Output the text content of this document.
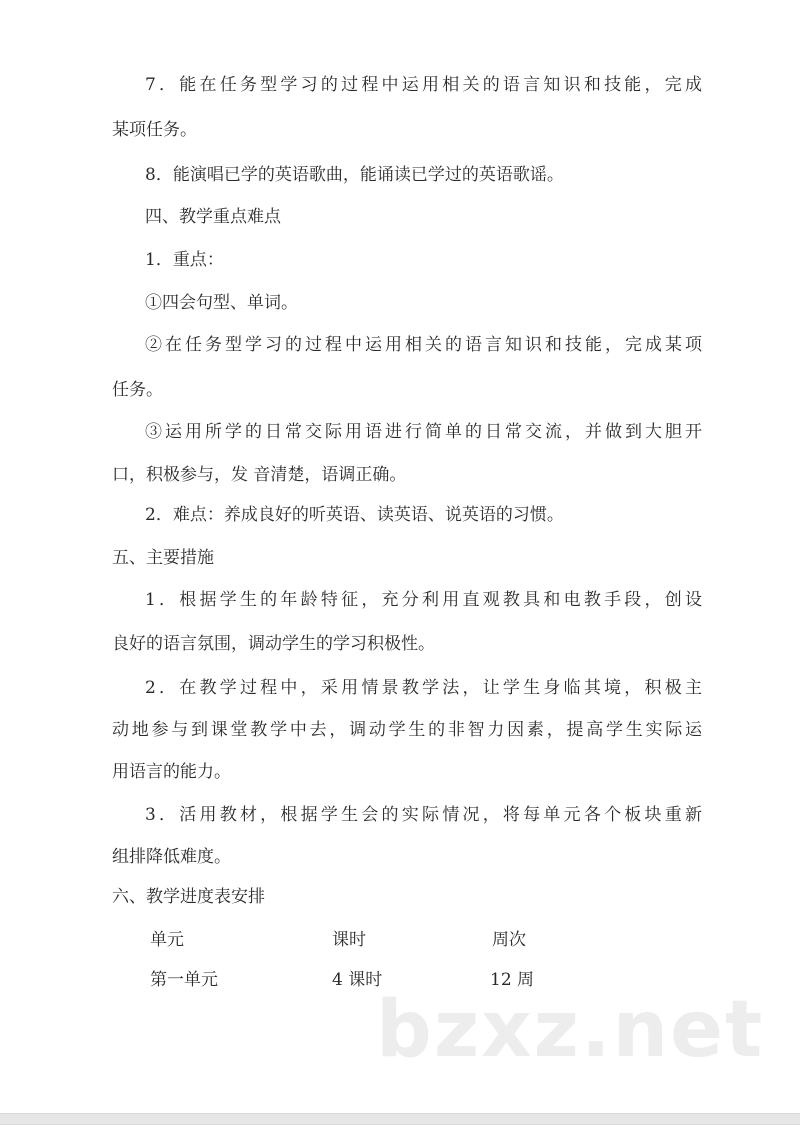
7．能在任务型学习的过程中运用相关的语言知识和技能，完成
某项任务。
8．能演唱已学的英语歌曲，能诵读已学过的英语歌谣。
四、教学重点难点
1．重点：
①四会句型、单词。
②在任务型学习的过程中运用相关的语言知识和技能，完成某项
任务。
③运用所学的日常交际用语进行简单的日常交流，并做到大胆开
口，积极参与，发 音清楚，语调正确。
2．难点：养成良好的听英语、读英语、说英语的习惯。
五、主要措施
1．根据学生的年龄特征，充分利用直观教具和电教手段，创设
良好的语言氛围，调动学生的学习积极性。
2．在教学过程中，采用情景教学法，让学生身临其境，积极主
动地参与到课堂教学中去，调动学生的非智力因素，提高学生实际运
用语言的能力。
3．活用教材，根据学生会的实际情况，将每单元各个板块重新
组排降低难度。
六、教学进度表安排
单元	课时	周次
第一单元	4 课时	12 周
bzxz.net
